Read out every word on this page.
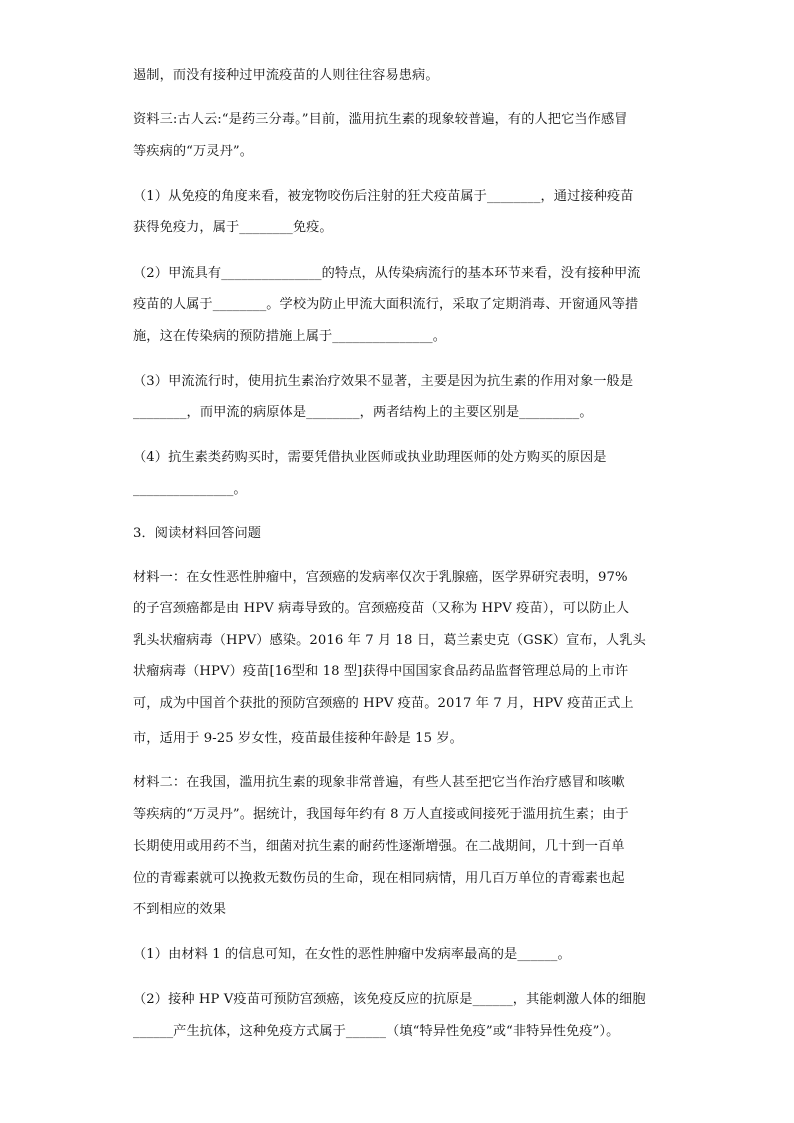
遏制，而没有接种过甲流疫苗的人则往往容易患病。
资料三:古人云:“是药三分毒。”目前，滥用抗生素的现象较普遍，有的人把它当作感冒
等疾病的“万灵丹”。
（1）从免疫的角度来看，被宠物咬伤后注射的狂犬疫苗属于________，通过接种疫苗
获得免疫力，属于________免疫。
（2）甲流具有_______________的特点，从传染病流行的基本环节来看，没有接种甲流
疫苗的人属于________。学校为防止甲流大面积流行，采取了定期消毒、开窗通风等措
施，这在传染病的预防措施上属于_______________。
（3）甲流流行时，使用抗生素治疗效果不显著，主要是因为抗生素的作用对象一般是
________，而甲流的病原体是________，两者结构上的主要区别是_________。
（4）抗生素类药购买时，需要凭借执业医师或执业助理医师的处方购买的原因是
_______________。
3．阅读材料回答问题
材料一：在女性恶性肿瘤中，宫颈癌的发病率仅次于乳腺癌，医学界研究表明，97%
的子宫颈癌都是由 HPV 病毒导致的。宫颈癌疫苗（又称为 HPV 疫苗），可以防止人
乳头状瘤病毒（HPV）感染。2016 年 7 月 18 日，葛兰素史克（GSK）宣布，人乳头
状瘤病毒（HPV）疫苗[16型和 18 型]获得中国国家食品药品监督管理总局的上市许
可，成为中国首个获批的预防宫颈癌的 HPV 疫苗。2017 年 7 月，HPV 疫苗正式上
市，适用于 9-25 岁女性，疫苗最佳接种年龄是 15 岁。
材料二：在我国，滥用抗生素的现象非常普遍，有些人甚至把它当作治疗感冒和咳嗽
等疾病的“万灵丹”。据统计，我国每年约有 8 万人直接或间接死于滥用抗生素；由于
长期使用或用药不当，细菌对抗生素的耐药性逐渐增强。在二战期间，几十到一百单
位的青霉素就可以挽救无数伤员的生命，现在相同病情，用几百万单位的青霉素也起
不到相应的效果
（1）由材料 1 的信息可知，在女性的恶性肿瘤中发病率最高的是______。
（2）接种 HP V疫苗可预防宫颈癌，该免疫反应的抗原是______，其能刺激人体的细胞
______产生抗体，这种免疫方式属于______（填“特异性免疫”或“非特异性免疫”）。
